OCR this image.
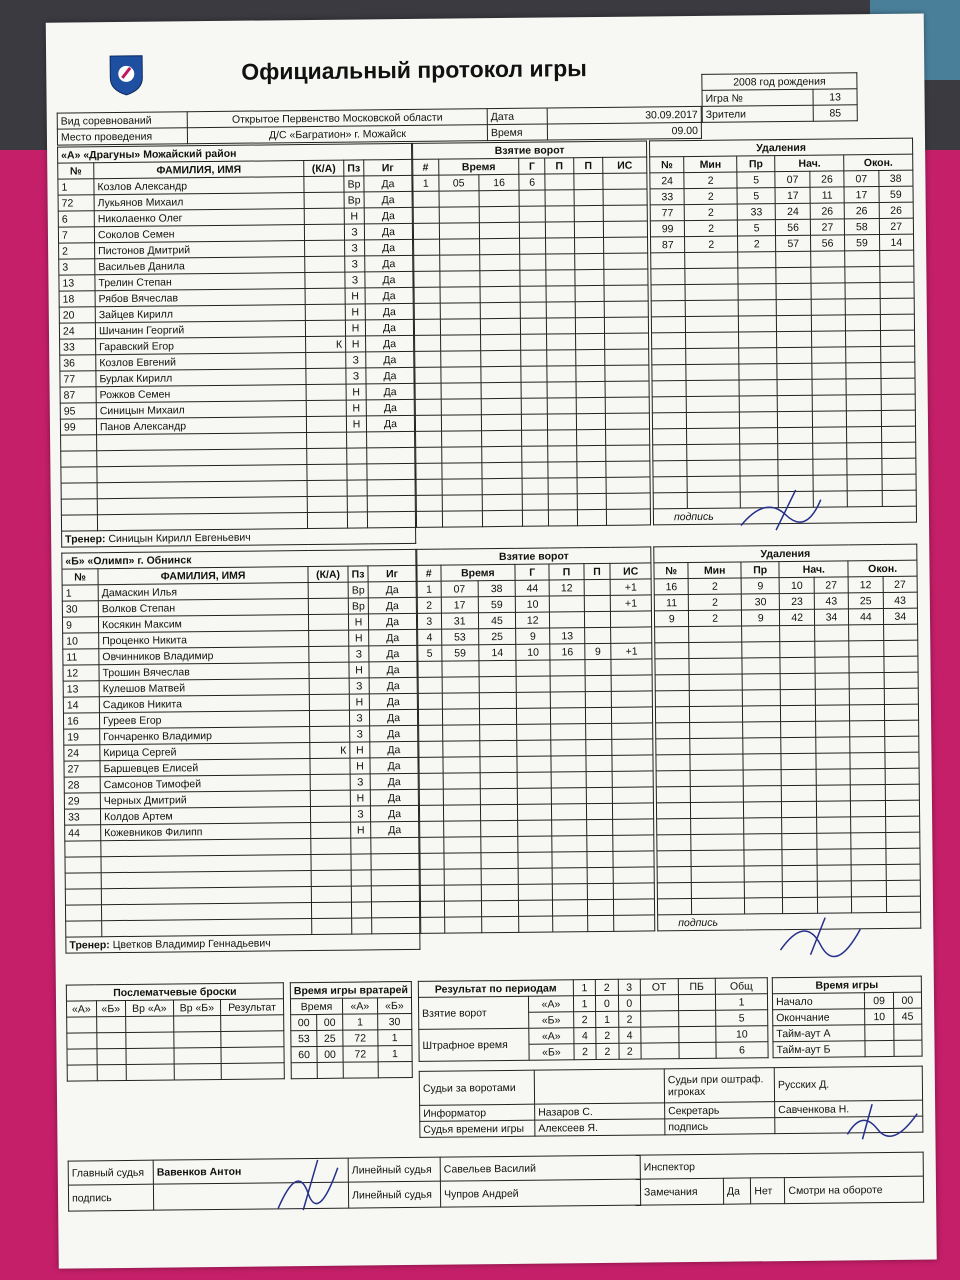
Официальный протокол игры	2008 год рождения	
Игра №	13
Зрители	85
Вид соревнований	Открытое Первенство Московской области	Дата	30.09.2017
Место проведения	Д/С «Багратион» г. Можайск	Время	09.00
«А» «Драгуны» Можайский район				
№	ФАМИЛИЯ, ИМЯ	(К/А)	Пз	Иг
1	Козлов Александр		Вр	Да
72	Лукьянов Михаил		Вр	Да
6	Николаенко Олег		Н	Да
7	Соколов Семен		З	Да
2	Пистонов Дмитрий		З	Да
3	Васильев Данила		З	Да
13	Трелин Степан		З	Да
18	Рябов Вячеслав		Н	Да
20	Зайцев Кирилл		Н	Да
24	Шичанин Георгий		Н	Да
33	Гаравский Егор	К	Н	Да
36	Козлов Евгений		З	Да
77	Бурлак Кирилл		З	Да
87	Рожков Семен		Н	Да
95	Синицын Михаил		Н	Да
99	Панов Александр		Н	Да

Тренер: Синицын Кирилл Евгеньевич				
Взятие ворот						
#	Время		Г	П	П	ИС
1	05	16	6			

Удаления						
№	Мин	Пр	Нач.		Окон.	
24	2	5	07	26	07	38
33	2	5	17	11	17	59
77	2	33	24	26	26	26
99	2	5	56	27	58	27
87	2	2	57	56	59	14

подпись						
«Б» «Олимп» г. Обнинск				
№	ФАМИЛИЯ, ИМЯ	(К/А)	Пз	Иг
1	Дамаскин Илья		Вр	Да
30	Волков Степан		Вр	Да
9	Косякин Максим		Н	Да
10	Проценко Никита		Н	Да
11	Овчинников Владимир		З	Да
12	Трошин Вячеслав		Н	Да
13	Кулешов Матвей		З	Да
14	Садиков Никита		Н	Да
16	Гуреев Егор		З	Да
19	Гончаренко Владимир		З	Да
24	Кирица Сергей	К	Н	Да
27	Баршевцев Елисей		Н	Да
28	Самсонов Тимофей		З	Да
29	Черных Дмитрий		Н	Да
33	Колдов Артем		З	Да
44	Кожевников Филипп		Н	Да

Тренер: Цветков Владимир Геннадьевич				
Взятие ворот						
#	Время		Г	П	П	ИС
1	07	38	44	12		+1
2	17	59	10			+1
3	31	45	12			
4	53	25	9	13		
5	59	14	10	16	9	+1

Удаления						
№	Мин	Пр	Нач.		Окон.	
16	2	9	10	27	12	27
11	2	30	23	43	25	43
9	2	9	42	34	44	34

подпись						
Послематчевые броски				
«А»	«Б»	Вр «А»	Вр «Б»	Результат

Время игры вратарей			
Время		«А»	«Б»
00	00	1	30
53	25	72	1
60	00	72	1

Результат по периодам		1	2	3	ОТ	ПБ	Общ
Взятие ворот	«А»	1	0	0			1
	«Б»	2	1	2			5
Штрафное время	«А»	4	2	4			10
	«Б»	2	2	2			6
Время игры		
Начало	09	00
Окончание	10	45
Тайм-аут А		
Тайм-аут Б		
Судьи за воротами		Судьи при оштраф. игроках	Русских Д.
Информатор	Назаров С.	Секретарь	Савченкова Н.
Судья времени игры	Алексеев Я.	подпись	
Главный судья	Вавенков Антон	Линейный судья	Савельев Василий	Инспектор			
подпись		Линейный судья	Чупров Андрей	Замечания	Да	Нет	Смотри на обороте
